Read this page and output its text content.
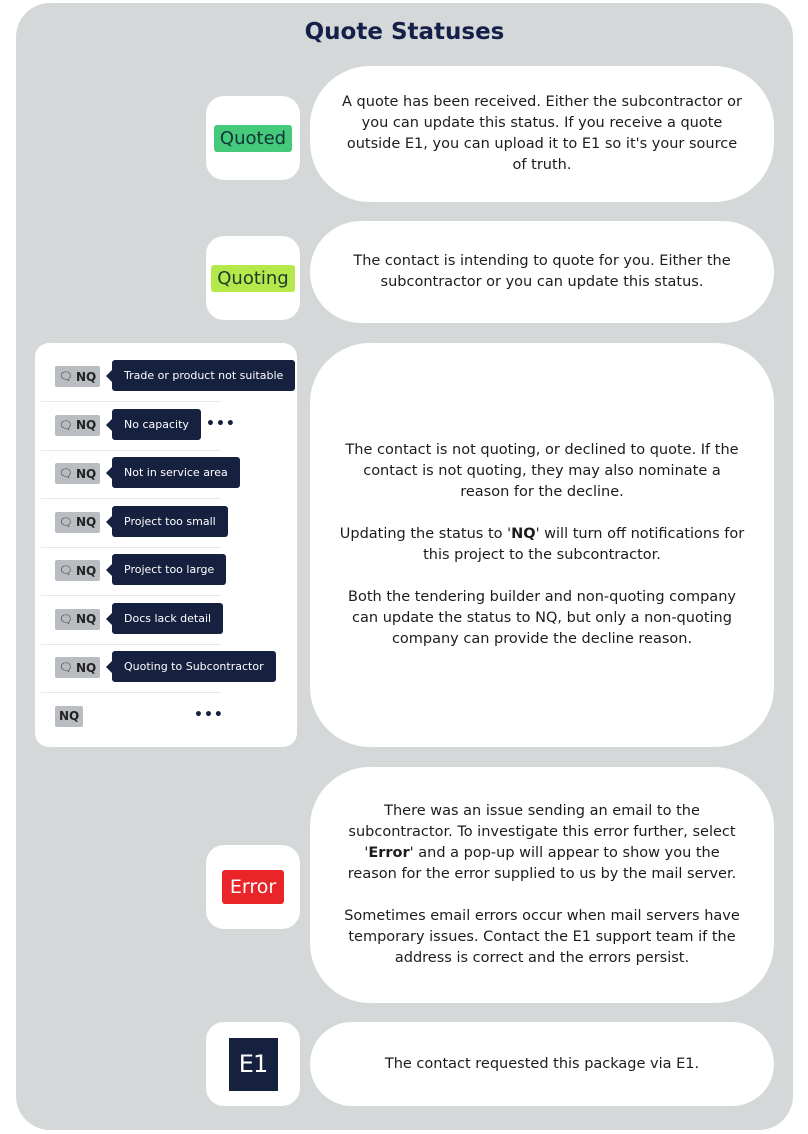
Quote Statuses
Quoted

A quote has been received. Either the subcontractor or you can update this status. If you receive a quote outside E1, you can upload it to E1 so it's your source of truth.

Quoting

The contact is intending to quote for you. Either the subcontractor or you can update this status.

🗨 NQ	Trade or product not suitable
🗨 NQ	No capacity	•••
🗨 NQ	Not in service area
🗨 NQ	Project too small
🗨 NQ	Project too large
🗨 NQ	Docs lack detail
🗨 NQ	Quoting to Subcontractor
NQ	•••

The contact is not quoting, or declined to quote. If the contact is not quoting, they may also nominate a reason for the decline.

Updating the status to 'NQ' will turn off notifications for this project to the subcontractor.

Both the tendering builder and non-quoting company can update the status to NQ, but only a non-quoting company can provide the decline reason.

Error

There was an issue sending an email to the subcontractor. To investigate this error further, select 'Error' and a pop-up will appear to show you the reason for the error supplied to us by the mail server.

Sometimes email errors occur when mail servers have temporary issues. Contact the E1 support team if the address is correct and the errors persist.

E1	The contact requested this package via E1.
